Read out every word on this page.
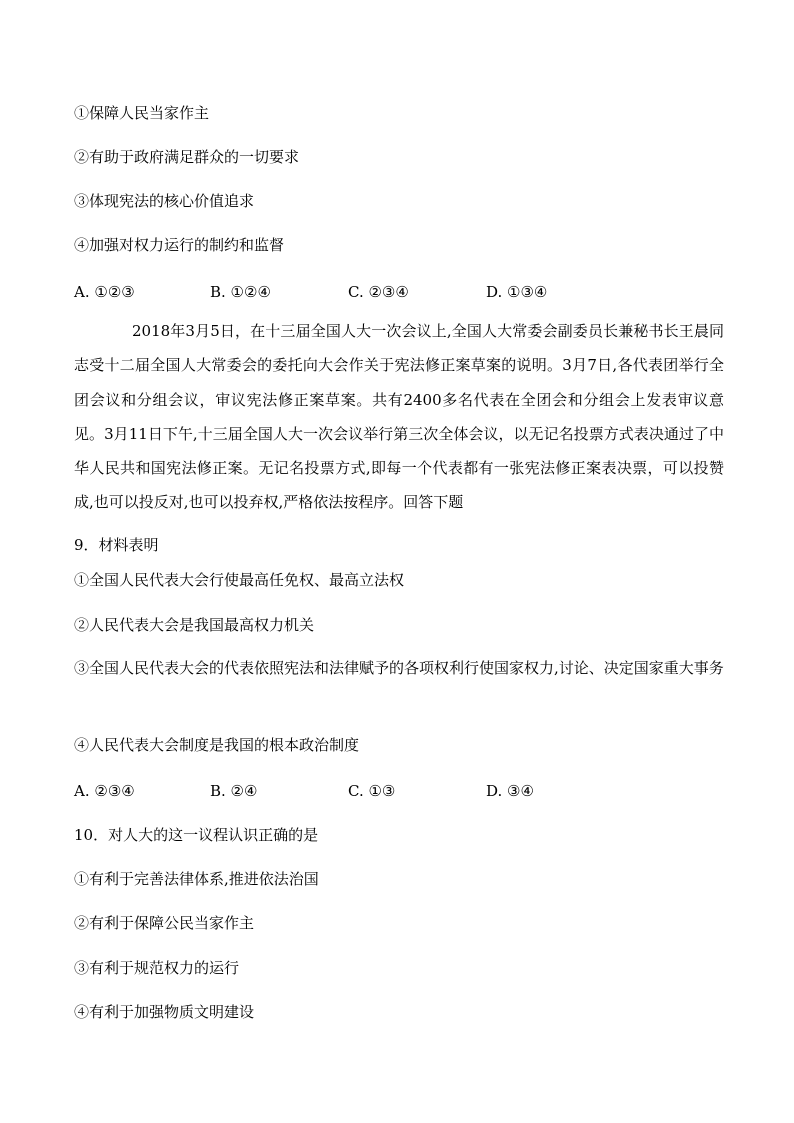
①保障人民当家作主
②有助于政府满足群众的一切要求
③体现宪法的核心价值追求
④加强对权力运行的制约和监督
A. ①②③	B. ①②④	C. ②③④	D. ①③④
2018年3月5日，在十三届全国人大一次会议上,全国人大常委会副委员长兼秘书长王晨同志受十二届全国人大常委会的委托向大会作关于宪法修正案草案的说明。3月7日,各代表团举行全团会议和分组会议，审议宪法修正案草案。共有2400多名代表在全团会和分组会上发表审议意见。3月11日下午,十三届全国人大一次会议举行第三次全体会议，以无记名投票方式表决通过了中华人民共和国宪法修正案。无记名投票方式,即每一个代表都有一张宪法修正案表决票，可以投赞成,也可以投反对,也可以投弃权,严格依法按程序。回答下题
9．材料表明
①全国人民代表大会行使最高任免权、最高立法权
②人民代表大会是我国最高权力机关
③全国人民代表大会的代表依照宪法和法律赋予的各项权利行使国家权力,讨论、决定国家重大事务
④人民代表大会制度是我国的根本政治制度
A. ②③④	B. ②④	C. ①③	D. ③④
10．对人大的这一议程认识正确的是
①有利于完善法律体系,推进依法治国
②有利于保障公民当家作主
③有利于规范权力的运行
④有利于加强物质文明建设
